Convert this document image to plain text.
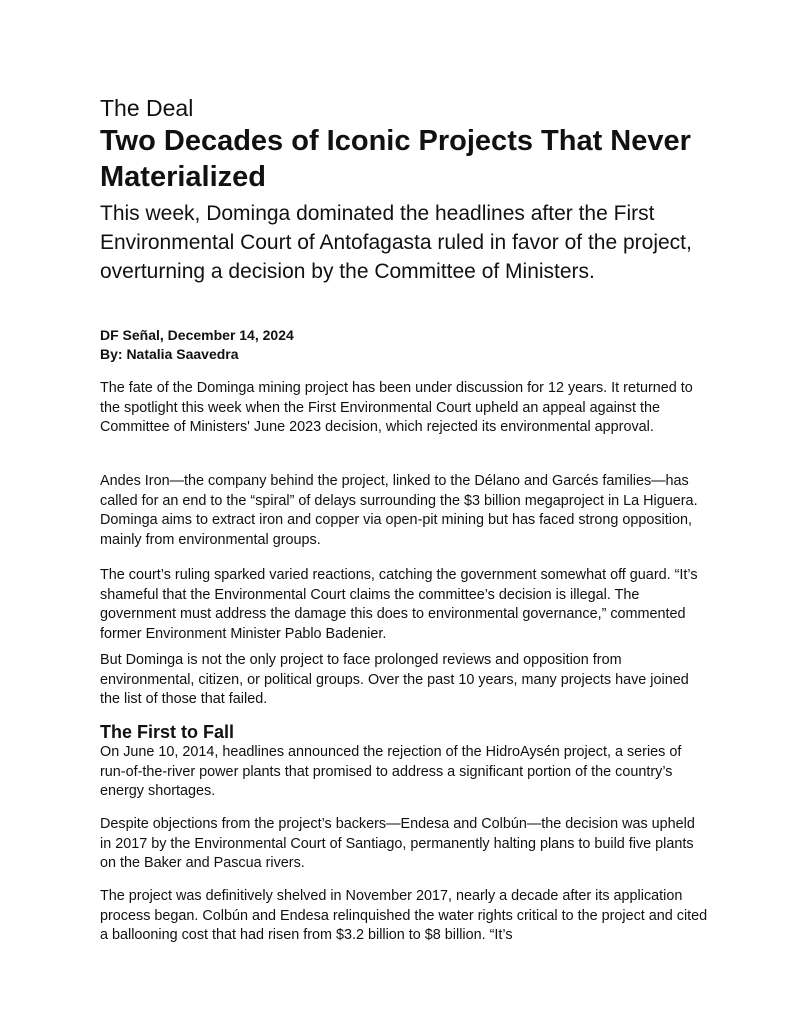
The Deal
Two Decades of Iconic Projects That Never Materialized

This week, Dominga dominated the headlines after the First Environmental Court of Antofagasta ruled in favor of the project, overturning a decision by the Committee of Ministers.

DF Señal, December 14, 2024
By: Natalia Saavedra

The fate of the Dominga mining project has been under discussion for 12 years. It returned to the spotlight this week when the First Environmental Court upheld an appeal against the Committee of Ministers' June 2023 decision, which rejected its environmental approval.

Andes Iron—the company behind the project, linked to the Délano and Garcés families—has called for an end to the “spiral” of delays surrounding the $3 billion megaproject in La Higuera. Dominga aims to extract iron and copper via open-pit mining but has faced strong opposition, mainly from environmental groups.

The court’s ruling sparked varied reactions, catching the government somewhat off guard. “It’s shameful that the Environmental Court claims the committee’s decision is illegal. The government must address the damage this does to environmental governance,” commented former Environment Minister Pablo Badenier.

But Dominga is not the only project to face prolonged reviews and opposition from environmental, citizen, or political groups. Over the past 10 years, many projects have joined the list of those that failed.

The First to Fall

On June 10, 2014, headlines announced the rejection of the HidroAysén project, a series of run-of-the-river power plants that promised to address a significant portion of the country’s energy shortages.

Despite objections from the project’s backers—Endesa and Colbún—the decision was upheld in 2017 by the Environmental Court of Santiago, permanently halting plans to build five plants on the Baker and Pascua rivers.

The project was definitively shelved in November 2017, nearly a decade after its application process began. Colbún and Endesa relinquished the water rights critical to the project and cited a ballooning cost that had risen from $3.2 billion to $8 billion. “It’s
